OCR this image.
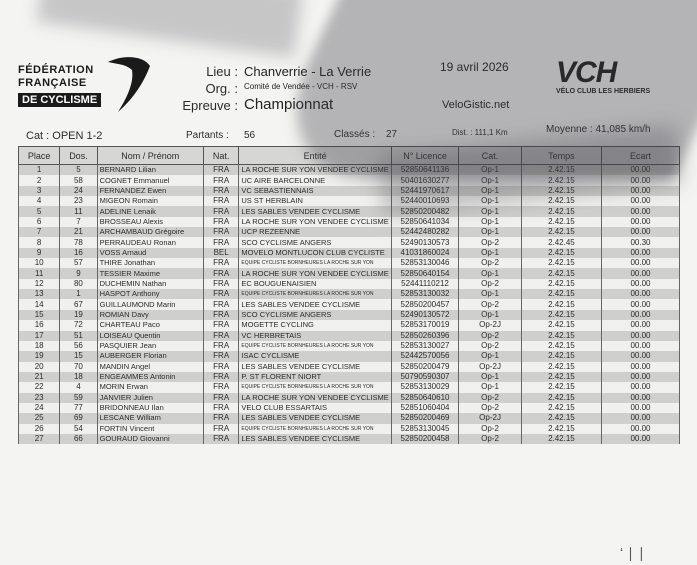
FÉDÉRATION
FRANÇAISE
DE CYCLISME
Lieu : Chanverrie - La Verrie
Org. : Comité de Vendée - VCH - RSV
Epreuve : Championnat
19 avril 2026
VeloGistic.net
VCH
VÉLO CLUB LES HERBIERS
Cat : OPEN 1-2	Partants : 56	Classés : 27	Dist. : 111,1 Km	Moyenne : 41,085 km/h
Place	Dos.	Nom / Prénom	Nat.	Entité	N° Licence	Cat.	Temps	Ecart
1	5	BERNARD Lilian	FRA	LA ROCHE SUR YON VENDEE CYCLISME	52850641136	Op-1	2.42.15	00.00
2	58	COGNET Emmanuel	FRA	UC AIRE BARCELONNE	50401630277	Op-1	2.42.15	00.00
3	24	FERNANDEZ Ewen	FRA	VC SEBASTIENNAIS	52441970617	Op-1	2.42.15	00.00
4	23	MIGEON Romain	FRA	US ST HERBLAIN	52440010693	Op-1	2.42.15	00.00
5	11	ADELINE Lenaik	FRA	LES SABLES VENDEE CYCLISME	52850200482	Op-1	2.42.15	00.00
6	7	BROSSEAU Alexis	FRA	LA ROCHE SUR YON VENDEE CYCLISME	52850641034	Op-1	2.42.15	00.00
7	21	ARCHAMBAUD Grégoire	FRA	UCP REZEENNE	52442480282	Op-1	2.42.15	00.00
8	78	PERRAUDEAU Ronan	FRA	SCO CYCLISME ANGERS	52490130573	Op-2	2.42.45	00.30
9	16	VOSS Arnaud	BEL	MOVELO MONTLUCON CLUB CYCLISTE	41031860024	Op-1	2.42.15	00.00
10	57	THIRE Jonathan	FRA	EQUIPE CYCLISTE BORNHEURES LA ROCHE SUR YON	52853130046	Op-2	2.42.15	00.00
11	9	TESSIER Maxime	FRA	LA ROCHE SUR YON VENDEE CYCLISME	52850640154	Op-1	2.42.15	00.00
12	80	DUCHEMIN Nathan	FRA	EC BOUGUENAISIEN	52441110212	Op-2	2.42.15	00.00
13	1	HASPOT Anthony	FRA	EQUIPE CYCLISTE BORNHEURES LA ROCHE SUR YON	52853130032	Op-1	2.42.15	00.00
14	67	GUILLAUMOND Marin	FRA	LES SABLES VENDEE CYCLISME	52850200457	Op-2	2.42.15	00.00
15	19	ROMIAN Davy	FRA	SCO CYCLISME ANGERS	52490130572	Op-1	2.42.15	00.00
16	72	CHARTEAU Paco	FRA	MOGETTE CYCLING	52853170019	Op-2J	2.42.15	00.00
17	51	LOISEAU Quentin	FRA	VC HERBRETAIS	52850260396	Op-2	2.42.15	00.00
18	56	PASQUIER Jean	FRA	EQUIPE CYCLISTE BORNHEURES LA ROCHE SUR YON	52853130027	Op-2	2.42.15	00.00
19	15	AUBERGER Florian	FRA	ISAC CYCLISME	52442570056	Op-1	2.42.15	00.00
20	70	MANDIN Angel	FRA	LES SABLES VENDEE CYCLISME	52850200479	Op-2J	2.42.15	00.00
21	18	ENGEAMMES Antonin	FRA	P. ST FLORENT NIORT	50790590307	Op-1	2.42.15	00.00
22	4	MORIN Erwan	FRA	EQUIPE CYCLISTE BORNHEURES LA ROCHE SUR YON	52853130029	Op-1	2.42.15	00.00
23	59	JANVIER Julien	FRA	LA ROCHE SUR YON VENDEE CYCLISME	52850640610	Op-2	2.42.15	00.00
24	77	BRIDONNEAU Ilan	FRA	VELO CLUB ESSARTAIS	52851060404	Op-2	2.42.15	00.00
25	69	LESCANE William	FRA	LES SABLES VENDEE CYCLISME	52850200469	Op-2J	2.42.15	00.00
26	54	FORTIN Vincent	FRA	EQUIPE CYCLISTE BORNHEURES LA ROCHE SUR YON	52853130045	Op-2	2.42.15	00.00
27	66	GOURAUD Giovanni	FRA	LES SABLES VENDEE CYCLISME	52850200458	Op-2	2.42.15	00.00
ʻ ∣ ∣
